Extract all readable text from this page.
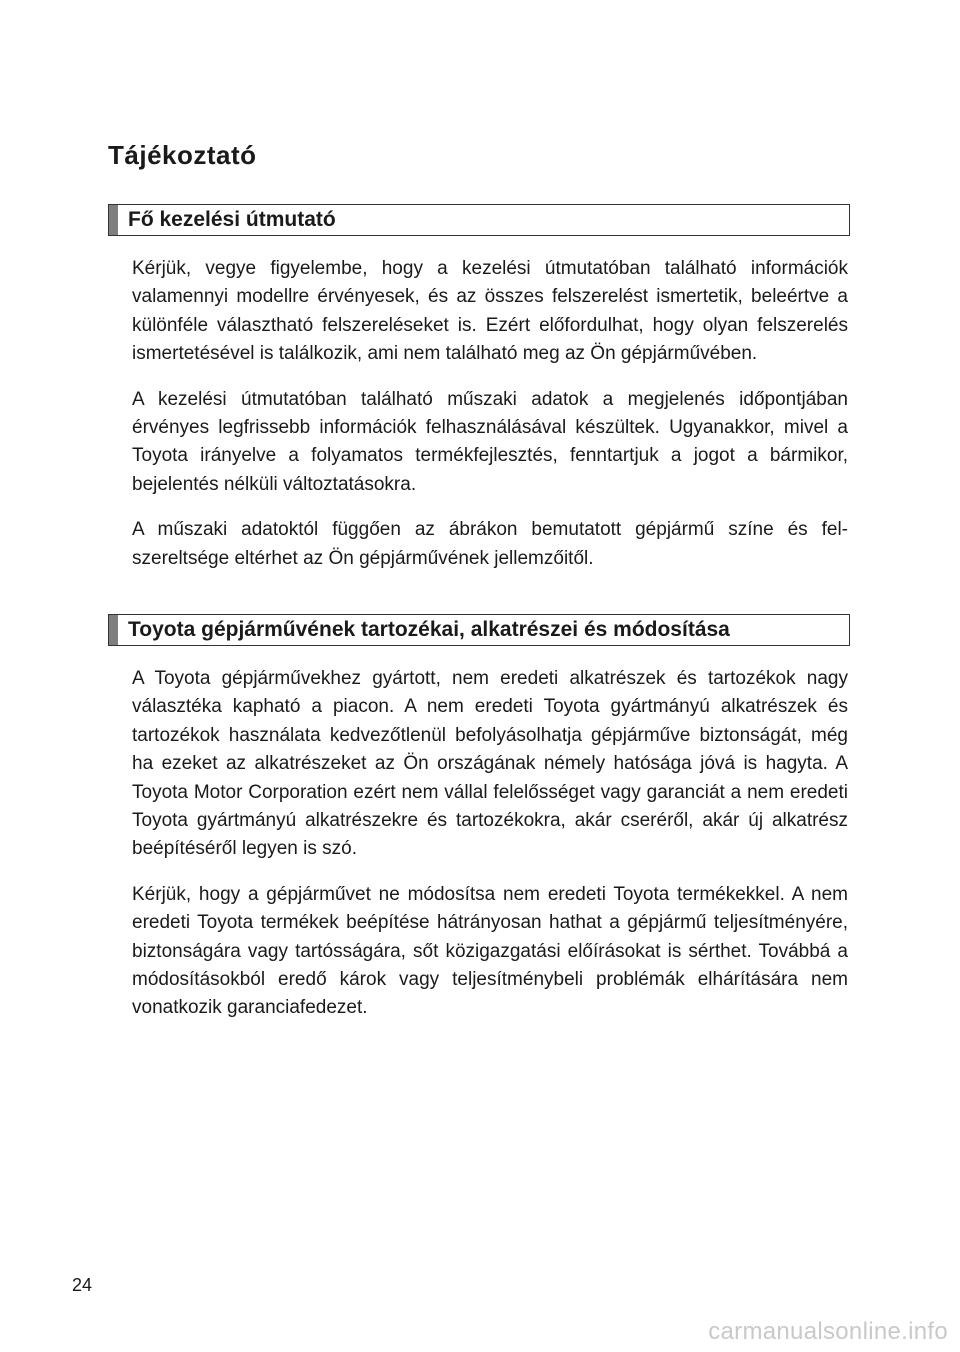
Tájékoztató
Fő kezelési útmutató

Kérjük, vegye figyelembe, hogy a kezelési útmutatóban található információk valamennyi modellre érvényesek, és az összes felszerelést ismertetik, beleértve a különféle választható felszereléseket is. Ezért előfordulhat, hogy olyan felszerelés ismertetésével is találkozik, ami nem található meg az Ön gépjárművében.

A kezelési útmutatóban található műszaki adatok a megjelenés időpontjában érvényes legfrissebb információk felhasználásával készültek. Ugyanakkor, mivel a Toyota irányelve a folyamatos termékfejlesztés, fenntartjuk a jogot a bármikor, bejelentés nélküli változtatásokra.

A műszaki adatoktól függően az ábrákon bemutatott gépjármű színe és felszereltsége eltérhet az Ön gépjárművének jellemzőitől.

Toyota gépjárművének tartozékai, alkatrészei és módosítása

A Toyota gépjárművekhez gyártott, nem eredeti alkatrészek és tartozékok nagy választéka kapható a piacon. A nem eredeti Toyota gyártmányú alkatrészek és tartozékok használata kedvezőtlenül befolyásolhatja gépjárműve biztonságát, még ha ezeket az alkatrészeket az Ön országának némely hatósága jóvá is hagyta. A Toyota Motor Corporation ezért nem vállal felelősséget vagy garanciát a nem eredeti Toyota gyártmányú alkatrészekre és tartozékokra, akár cseréről, akár új alkatrész beépítéséről legyen is szó.

Kérjük, hogy a gépjárművet ne módosítsa nem eredeti Toyota termékekkel. A nem eredeti Toyota termékek beépítése hátrányosan hathat a gépjármű teljesítményére, biztonságára vagy tartósságára, sőt közigazgatási előírásokat is sérthet. Továbbá a módosításokból eredő károk vagy teljesítménybeli problémák elhárítására nem vonatkozik garanciafedezet.

24
carmanualsonline.info
